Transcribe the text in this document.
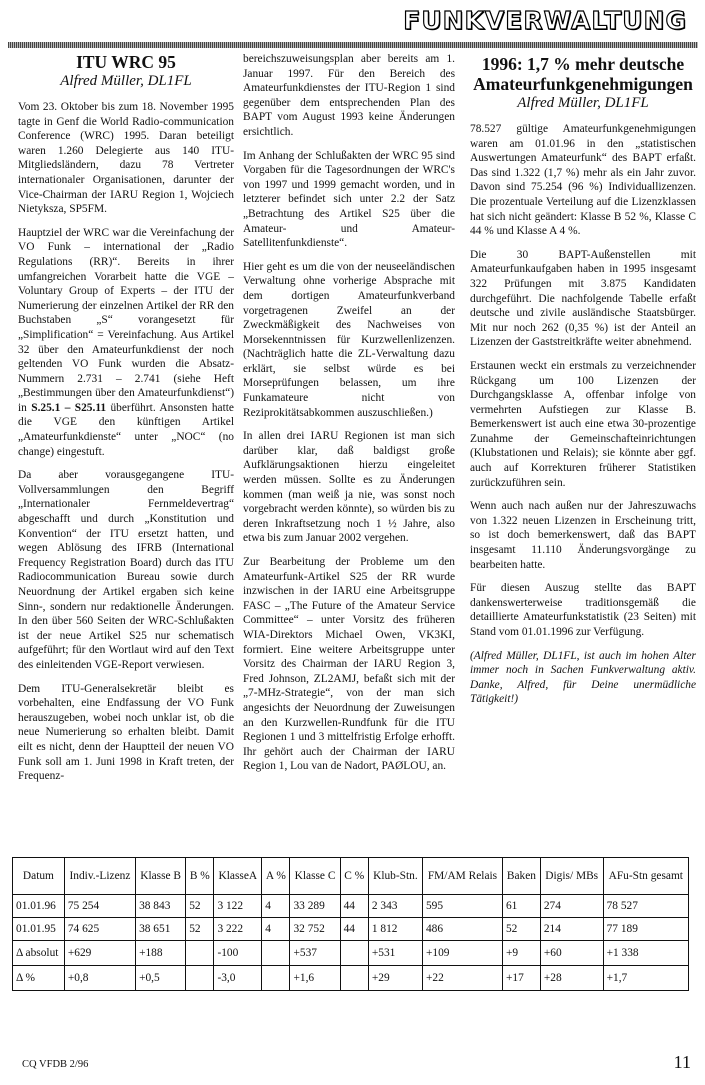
FUNKVERWALTUNG
ITU WRC 95
Alfred Müller, DL1FL

Vom 23. Oktober bis zum 18. November 1995 tagte in Genf die World Radio-communication Conference (WRC) 1995. Daran beteiligt waren 1.260 Delegierte aus 140 ITU-Mitgliedsländern, dazu 78 Vertreter internationaler Organisationen, darunter der Vice-Chairman der IARU Region 1, Wojciech Nietyksza, SP5FM.

Hauptziel der WRC war die Vereinfachung der VO Funk – international der „Radio Regulations (RR)“. Bereits in ihrer umfangreichen Vorarbeit hatte die VGE – Voluntary Group of Experts – der ITU der Numerierung der einzelnen Artikel der RR den Buchstaben „S“ vorangesetzt für „Simplification“ = Vereinfachung. Aus Artikel 32 über den Amateurfunkdienst der noch geltenden VO Funk wurden die Absatz-Nummern 2.731 – 2.741 (siehe Heft „Bestimmungen über den Amateurfunkdienst“) in S.25.1 – S25.11 überführt. Ansonsten hatte die VGE den künftigen Artikel „Amateurfunkdienste“ unter „NOC“ (no change) eingestuft.

Da aber vorausgegangene ITU-Vollversammlungen den Begriff „Internationaler Fernmeldevertrag“ abgeschafft und durch „Konstitution und Konvention“ der ITU ersetzt hatten, und wegen Ablösung des IFRB (International Frequency Registration Board) durch das ITU Radiocommunication Bureau sowie durch Neuordnung der Artikel ergaben sich keine Sinn-, sondern nur redaktionelle Änderungen. In den über 560 Seiten der WRC-Schlußakten ist der neue Artikel S25 nur schematisch aufgeführt; für den Wortlaut wird auf den Text des einleitenden VGE-Report verwiesen.

Dem ITU-Generalsekretär bleibt es vorbehalten, eine Endfassung der VO Funk herauszugeben, wobei noch unklar ist, ob die neue Numerierung so erhalten bleibt. Damit eilt es nicht, denn der Hauptteil der neuen VO Funk soll am 1. Juni 1998 in Kraft treten, der Frequenz-

bereichszuweisungsplan aber bereits am 1. Januar 1997. Für den Bereich des Amateurfunkdienstes der ITU-Region 1 sind gegenüber dem entsprechenden Plan des BAPT vom August 1993 keine Änderungen ersichtlich.

Im Anhang der Schlußakten der WRC 95 sind Vorgaben für die Tagesordnungen der WRC's von 1997 und 1999 gemacht worden, und in letzterer befindet sich unter 2.2 der Satz „Betrachtung des Artikel S25 über die Amateur- und Amateur-Satellitenfunkdienste“.

Hier geht es um die von der neuseeländischen Verwaltung ohne vorherige Absprache mit dem dortigen Amateurfunkverband vorgetragenen Zweifel an der Zweckmäßigkeit des Nachweises von Morsekenntnissen für Kurzwellenlizenzen. (Nachträglich hatte die ZL-Verwaltung dazu erklärt, sie selbst würde es bei Morseprüfungen belassen, um ihre Funkamateure nicht von Reziprokitätsabkommen auszuschließen.)

In allen drei IARU Regionen ist man sich darüber klar, daß baldigst große Aufklärungsaktionen hierzu eingeleitet werden müssen. Sollte es zu Änderungen kommen (man weiß ja nie, was sonst noch vorgebracht werden könnte), so würden bis zu deren Inkraftsetzung noch 1 ½ Jahre, also etwa bis zum Januar 2002 vergehen.

Zur Bearbeitung der Probleme um den Amateurfunk-Artikel S25 der RR wurde inzwischen in der IARU eine Arbeitsgruppe FASC – „The Future of the Amateur Service Committee“ – unter Vorsitz des früheren WIA-Direktors Michael Owen, VK3KI, formiert. Eine weitere Arbeitsgruppe unter Vorsitz des Chairman der IARU Region 3, Fred Johnson, ZL2AMJ, befaßt sich mit der „7-MHz-Strategie“, von der man sich angesichts der Neuordnung der Zuweisungen an den Kurzwellen-Rundfunk für die ITU Regionen 1 und 3 mittelfristig Erfolge erhofft. Ihr gehört auch der Chairman der IARU Region 1, Lou van de Nadort, PAØLOU, an.

1996: 1,7 % mehr deutsche Amateurfunkgenehmigungen
Alfred Müller, DL1FL

78.527 gültige Amateurfunkgenehmigungen waren am 01.01.96 in den „statistischen Auswertungen Amateurfunk“ des BAPT erfaßt. Das sind 1.322 (1,7 %) mehr als ein Jahr zuvor. Davon sind 75.254 (96 %) Individuallizenzen. Die prozentuale Verteilung auf die Lizenzklassen hat sich nicht geändert: Klasse B 52 %, Klasse C 44 % und Klasse A 4 %.

Die 30 BAPT-Außenstellen mit Amateurfunkaufgaben haben in 1995 insgesamt 322 Prüfungen mit 3.875 Kandidaten durchgeführt. Die nachfolgende Tabelle erfaßt deutsche und zivile ausländische Staatsbürger. Mit nur noch 262 (0,35 %) ist der Anteil an Lizenzen der Gaststreitkräfte weiter abnehmend.

Erstaunen weckt ein erstmals zu verzeichnender Rückgang um 100 Lizenzen der Durchgangsklasse A, offenbar infolge von vermehrten Aufstiegen zur Klasse B. Bemerkenswert ist auch eine etwa 30-prozentige Zunahme der Gemeinschafteinrichtungen (Klubstationen und Relais); sie könnte aber ggf. auch auf Korrekturen früherer Statistiken zurückzuführen sein.

Wenn auch nach außen nur der Jahreszuwachs von 1.322 neuen Lizenzen in Erscheinung tritt, so ist doch bemerkenswert, daß das BAPT insgesamt 11.110 Änderungsvorgänge zu bearbeiten hatte.

Für diesen Auszug stellte das BAPT dankenswerterweise traditionsgemäß die detaillierte Amateurfunkstatistik (23 Seiten) mit Stand vom 01.01.1996 zur Verfügung.

(Alfred Müller, DL1FL, ist auch im hohen Alter immer noch in Sachen Funkverwaltung aktiv. Danke, Alfred, für Deine unermüdliche Tätigkeit!)

Datum	Indiv.-Lizenz	Klasse B	B %	KlasseA	A %	Klasse C	C %	Klub-Stn.	FM/AM Relais	Baken	Digis/ MBs	AFu-Stn gesamt
01.01.96	75 254	38 843	52	3 122	4	33 289	44	2 343	595	61	274	78 527
01.01.95	74 625	38 651	52	3 222	4	32 752	44	1 812	486	52	214	77 189
Δ absolut	+629	+188		-100		+537		+531	+109	+9	+60	+1 338
Δ %	+0,8	+0,5		-3,0		+1,6		+29	+22	+17	+28	+1,7
CQ VFDB 2/96	11
